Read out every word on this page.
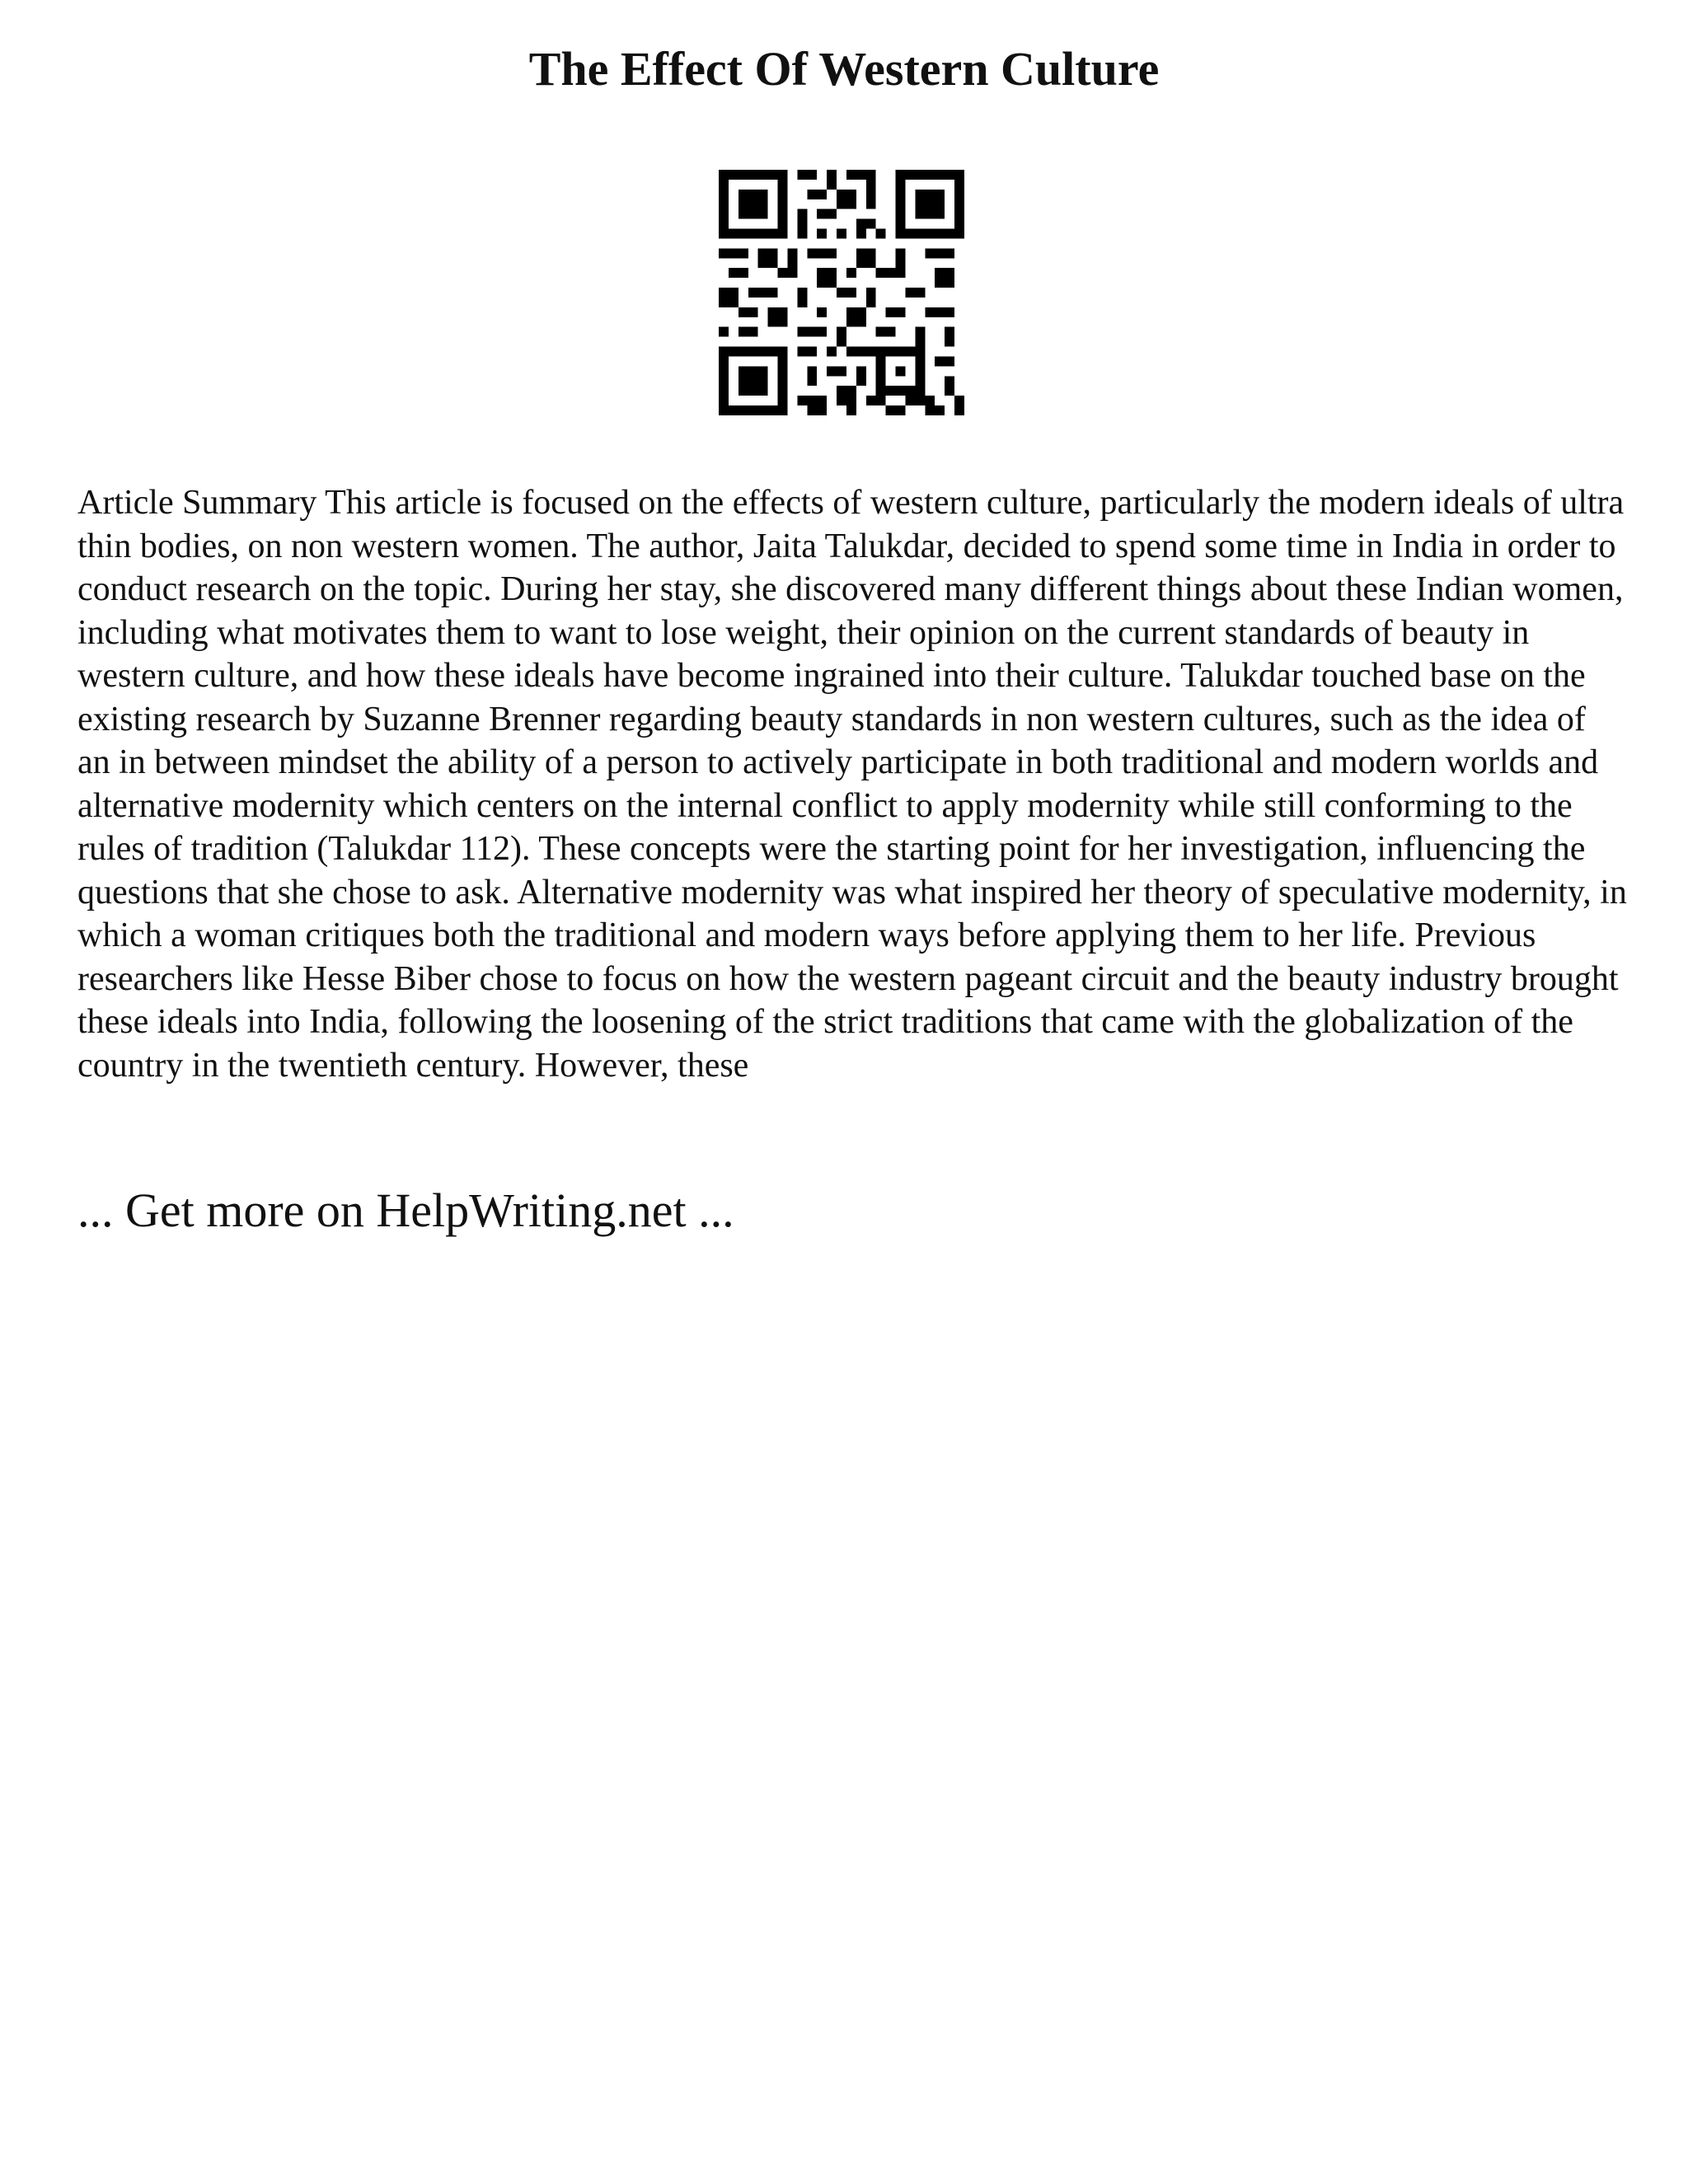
The Effect Of Western Culture

Article Summary This article is focused on the effects of western culture, particularly the modern ideals of ultra thin bodies, on non western women. The author, Jaita Talukdar, decided to spend some time in India in order to conduct research on the topic. During her stay, she discovered many different things about these Indian women, including what motivates them to want to lose weight, their opinion on the current standards of beauty in western culture, and how these ideals have become ingrained into their culture. Talukdar touched base on the existing research by Suzanne Brenner regarding beauty standards in non western cultures, such as the idea of an in between mindset the ability of a person to actively participate in both traditional and modern worlds and alternative modernity which centers on the internal conflict to apply modernity while still conforming to the rules of tradition (Talukdar 112). These concepts were the starting point for her investigation, influencing the questions that she chose to ask. Alternative modernity was what inspired her theory of speculative modernity, in which a woman critiques both the traditional and modern ways before applying them to her life. Previous researchers like Hesse Biber chose to focus on how the western pageant circuit and the beauty industry brought these ideals into India, following the loosening of the strict traditions that came with the globalization of the country in the twentieth century. However, these

... Get more on HelpWriting.net ...
